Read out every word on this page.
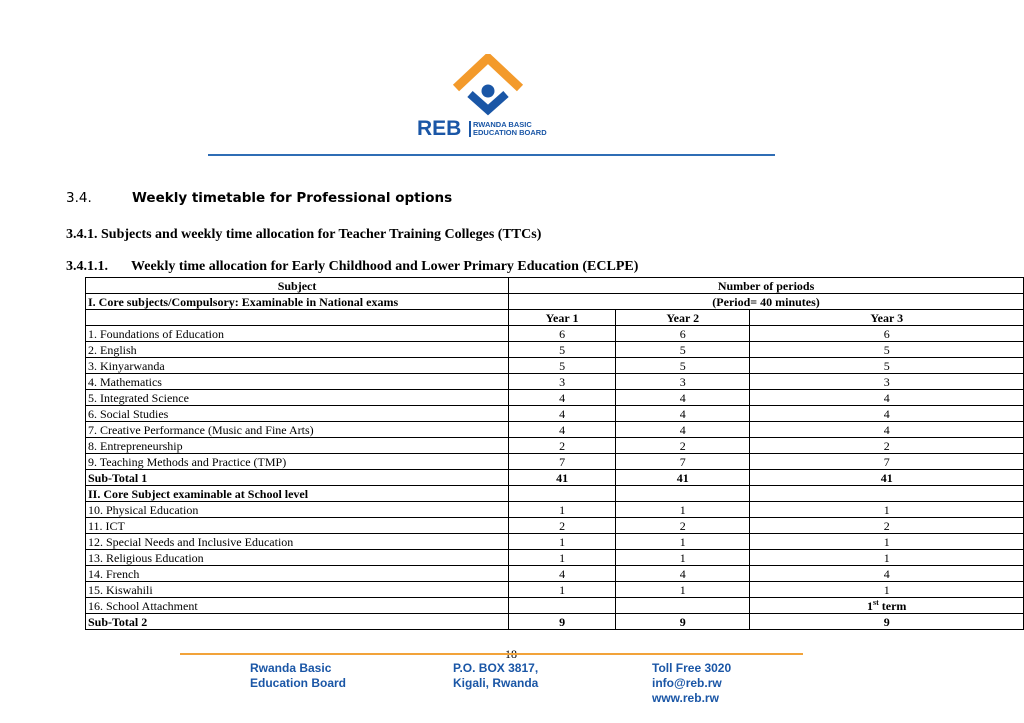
REB RWANDA BASIC
EDUCATION BOARD
3.4.	Weekly timetable for Professional options
3.4.1. Subjects and weekly time allocation for Teacher Training Colleges (TTCs)
3.4.1.1. Weekly time allocation for Early Childhood and Lower Primary Education (ECLPE)
Subject	Number of periods		
I. Core subjects/Compulsory: Examinable in National exams	(Period= 40 minutes)		
	Year 1	Year 2	Year 3
1. Foundations of Education	6	6	6
2. English	5	5	5
3. Kinyarwanda	5	5	5
4. Mathematics	3	3	3
5. Integrated Science	4	4	4
6. Social Studies	4	4	4
7. Creative Performance (Music and Fine Arts)	4	4	4
8. Entrepreneurship	2	2	2
9. Teaching Methods and Practice (TMP)	7	7	7
Sub-Total 1	41	41	41
II. Core Subject examinable at School level			
10. Physical Education	1	1	1
11. ICT	2	2	2
12. Special Needs and Inclusive Education	1	1	1
13. Religious Education	1	1	1
14. French	4	4	4
15. Kiswahili	1	1	1
16. School Attachment			1st term
Sub-Total 2	9	9	9
Rwanda Basic
Education Board
P.O. BOX 3817,
Kigali, Rwanda
Toll Free 3020
info@reb.rw
www.reb.rw
